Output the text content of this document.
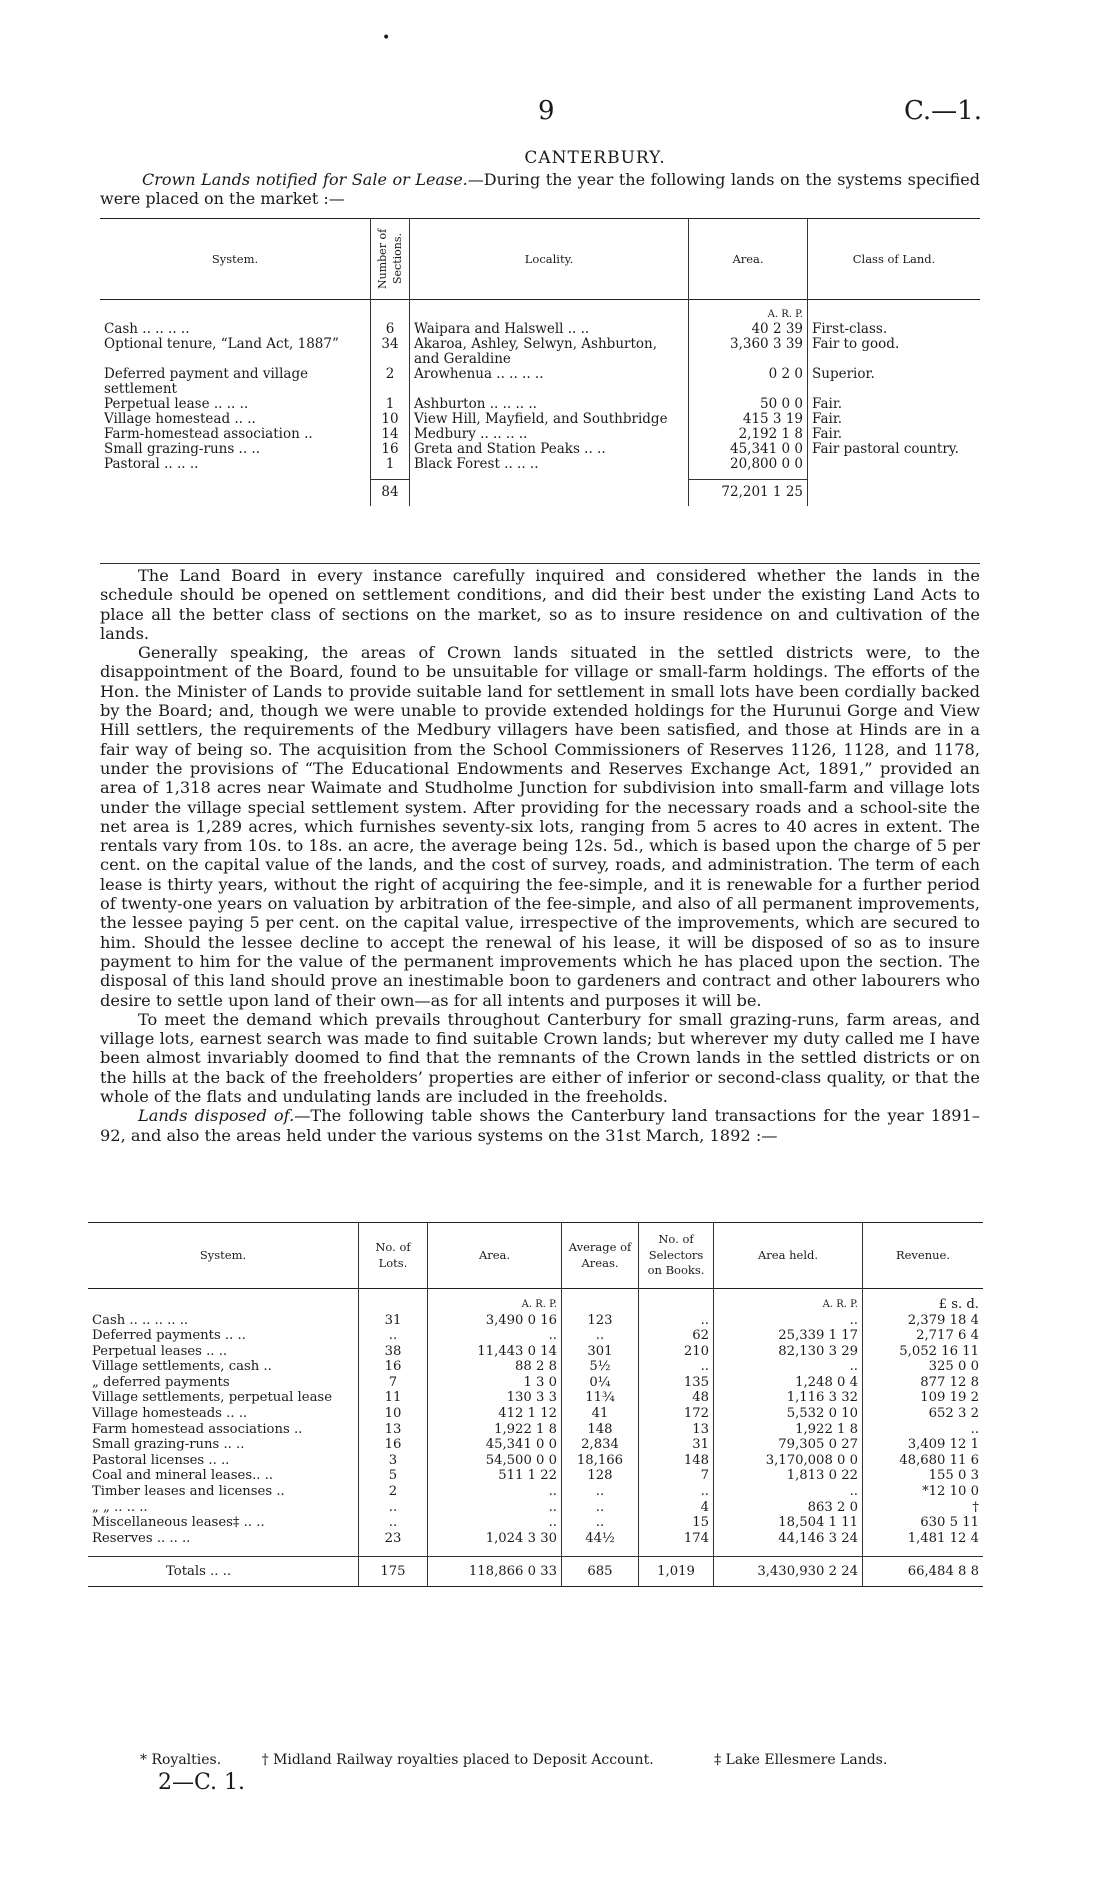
•
9	C.—1.
CANTERBURY.
Crown Lands notified for Sale or Lease.—During the year the following lands on the systems specified were placed on the market :—
System.	Number of Sections.	Locality.	Area.	Class of Land.
			A. R. P.	
Cash .. .. .. ..	6	Waipara and Halswell .. ..	40 2 39	First-class.
Optional tenure, “Land Act, 1887”	34	Akaroa, Ashley, Selwyn, Ashburton, and Geraldine	3,360 3 39	Fair to good.
Deferred payment and village settlement	2	Arowhenua .. .. .. ..	0 2 0	Superior.
Perpetual lease .. .. ..	1	Ashburton .. .. .. ..	50 0 0	Fair.
Village homestead .. ..	10	View Hill, Mayfield, and Southbridge	415 3 19	Fair.
Farm-homestead association ..	14	Medbury .. .. .. ..	2,192 1 8	Fair.
Small grazing-runs .. ..	16	Greta and Station Peaks .. ..	45,341 0 0	Fair pastoral country.
Pastoral .. .. ..	1	Black Forest .. .. ..	20,800 0 0	

	84		72,201 1 25	

The Land Board in every instance carefully inquired and considered whether the lands in the schedule should be opened on settlement conditions, and did their best under the existing Land Acts to place all the better class of sections on the market, so as to insure residence on and cultivation of the lands.

Generally speaking, the areas of Crown lands situated in the settled districts were, to the disappointment of the Board, found to be unsuitable for village or small-farm holdings. The efforts of the Hon. the Minister of Lands to provide suitable land for settlement in small lots have been cordially backed by the Board; and, though we were unable to provide extended holdings for the Hurunui Gorge and View Hill settlers, the requirements of the Medbury villagers have been satisfied, and those at Hinds are in a fair way of being so. The acquisition from the School Commissioners of Reserves 1126, 1128, and 1178, under the provisions of “The Educational Endowments and Reserves Exchange Act, 1891,” provided an area of 1,318 acres near Waimate and Studholme Junction for subdivision into small-farm and village lots under the village special settlement system. After providing for the necessary roads and a school-site the net area is 1,289 acres, which furnishes seventy-six lots, ranging from 5 acres to 40 acres in extent. The rentals vary from 10s. to 18s. an acre, the average being 12s. 5d., which is based upon the charge of 5 per cent. on the capital value of the lands, and the cost of survey, roads, and administration. The term of each lease is thirty years, without the right of acquiring the fee-simple, and it is renewable for a further period of twenty-one years on valuation by arbitration of the fee-simple, and also of all permanent improvements, the lessee paying 5 per cent. on the capital value, irrespective of the improvements, which are secured to him. Should the lessee decline to accept the renewal of his lease, it will be disposed of so as to insure payment to him for the value of the permanent improvements which he has placed upon the section. The disposal of this land should prove an inestimable boon to gardeners and contract and other labourers who desire to settle upon land of their own—as for all intents and purposes it will be.

To meet the demand which prevails throughout Canterbury for small grazing-runs, farm areas, and village lots, earnest search was made to find suitable Crown lands; but wherever my duty called me I have been almost invariably doomed to find that the remnants of the Crown lands in the settled districts or on the hills at the back of the freeholders’ properties are either of inferior or second-class quality, or that the whole of the flats and undulating lands are included in the freeholds.

Lands disposed of.—The following table shows the Canterbury land transactions for the year 1891–92, and also the areas held under the various systems on the 31st March, 1892 :—

System.	No. of Lots.	Area.	Average of Areas.	No. of Selectors on Books.	Area held.	Revenue.
		A. R. P.			A. R. P.	£ s. d.
Cash .. .. .. .. ..	31	3,490 0 16	123	..	..	2,379 18 4
Deferred payments .. ..	..	..	..	62	25,339 1 17	2,717 6 4
Perpetual leases .. ..	38	11,443 0 14	301	210	82,130 3 29	5,052 16 11
Village settlements, cash ..	16	88 2 8	5½	..	..	325 0 0
„ deferred payments	7	1 3 0	0¼	135	1,248 0 4	877 12 8
Village settlements, perpetual lease	11	130 3 3	11¾	48	1,116 3 32	109 19 2
Village homesteads .. ..	10	412 1 12	41	172	5,532 0 10	652 3 2
Farm homestead associations ..	13	1,922 1 8	148	13	1,922 1 8	..
Small grazing-runs .. ..	16	45,341 0 0	2,834	31	79,305 0 27	3,409 12 1
Pastoral licenses .. ..	3	54,500 0 0	18,166	148	3,170,008 0 0	48,680 11 6
Coal and mineral leases.. ..	5	511 1 22	128	7	1,813 0 22	155 0 3
Timber leases and licenses ..	2	..	..	..	..	*12 10 0
„ „ .. .. ..	..	..	..	4	863 2 0	†
Miscellaneous leases‡ .. ..	..	..	..	15	18,504 1 11	630 5 11
Reserves .. .. ..	23	1,024 3 30	44½	174	44,146 3 24	1,481 12 4

Totals .. ..	175	118,866 0 33	685	1,019	3,430,930 2 24	66,484 8 8
* Royalties.	† Midland Railway royalties placed to Deposit Account.	‡ Lake Ellesmere Lands.
2—C. 1.
